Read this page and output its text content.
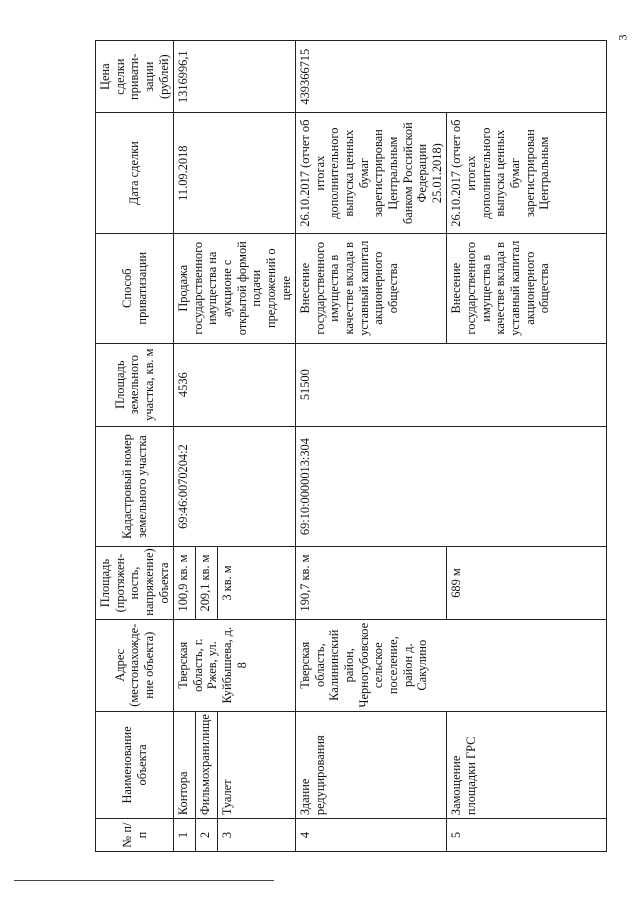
3
№ п/п	Наименование объекта	Адрес (местонахожде-ние объекта)	Площадь (протяжен-ность, напряжение) объекта	Кадастровый номер земельного участка	Площадь земельного участка, кв. м	Способ приватизации	Дата сделки	Цена сделки привати-зации (рублей)
1	Контора	Тверская область, г. Ржев, ул. Куйбышева, д. 8	100,9 кв. м	69:46:0070204:2	4536	Продажа государственного имущества на аукционе с открытой формой подачи предложений о цене	11.09.2018	1316996,1
2	Фильмохранилище		209,1 кв. м					
3	Туалет		3 кв. м					
4	Здание редуцирования	Тверская область, Калининский район, Черногубовское сельское поселение, район д. Сакулино	190,7 кв. м	69:10:0000013:304	51500	Внесение государственного имущества в качестве вклада в уставный капитал акционерного общества	26.10.2017 (отчет об итогах дополнительного выпуска ценных бумаг зарегистрирован Центральным банком Российской Федерации 25.01.2018)	439366715
5	Замощение площадки ГРС		689 м			Внесение государственного имущества в качестве вклада в уставный капитал акционерного общества	26.10.2017 (отчет об итогах дополнительного выпуска ценных бумаг зарегистрирован Центральным	
